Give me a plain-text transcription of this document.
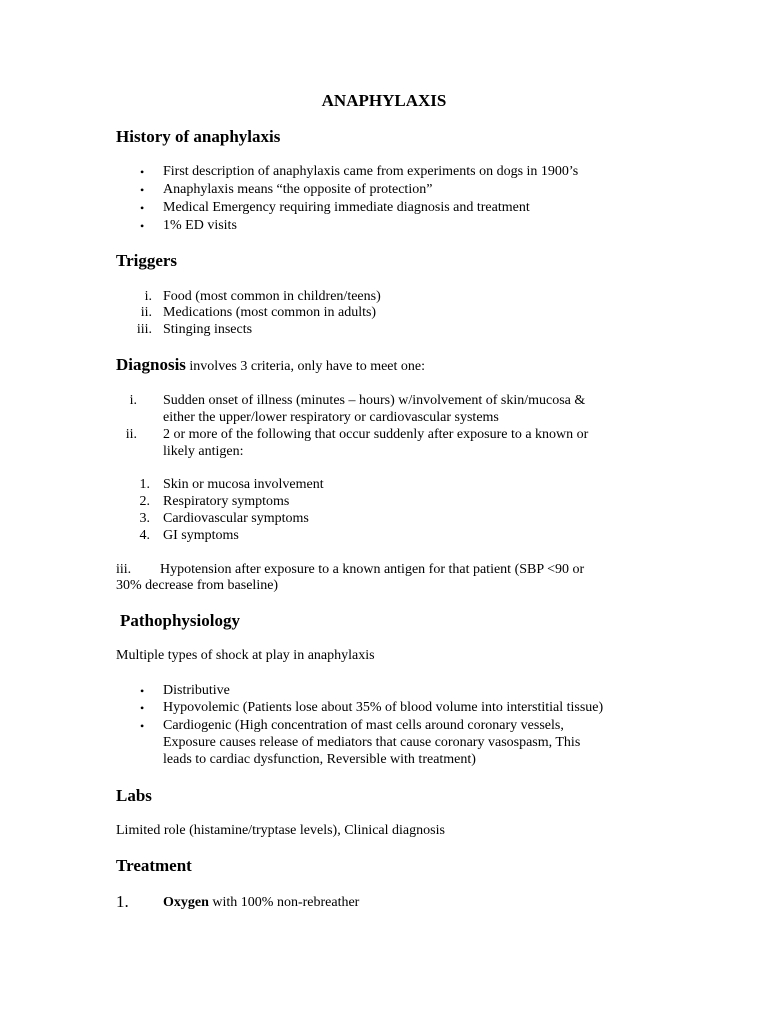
ANAPHYLAXIS
History of anaphylaxis
• First description of anaphylaxis came from experiments on dogs in 1900’s
• Anaphylaxis means “the opposite of protection”
• Medical Emergency requiring immediate diagnosis and treatment
• 1% ED visits
Triggers
i. Food (most common in children/teens)
ii. Medications (most common in adults)
iii. Stinging insects
Diagnosis involves 3 criteria, only have to meet one:
i. Sudden onset of illness (minutes – hours) w/involvement of skin/mucosa &
either the upper/lower respiratory or cardiovascular systems
ii. 2 or more of the following that occur suddenly after exposure to a known or
likely antigen:
1. Skin or mucosa involvement
2. Respiratory symptoms
3. Cardiovascular symptoms
4. GI symptoms
iii. Hypotension after exposure to a known antigen for that patient (SBP <90 or
30% decrease from baseline)
Pathophysiology
Multiple types of shock at play in anaphylaxis
• Distributive
• Hypovolemic (Patients lose about 35% of blood volume into interstitial tissue)
• Cardiogenic (High concentration of mast cells around coronary vessels,
Exposure causes release of mediators that cause coronary vasospasm, This
leads to cardiac dysfunction, Reversible with treatment)
Labs
Limited role (histamine/tryptase levels), Clinical diagnosis
Treatment
1. Oxygen with 100% non-rebreather
